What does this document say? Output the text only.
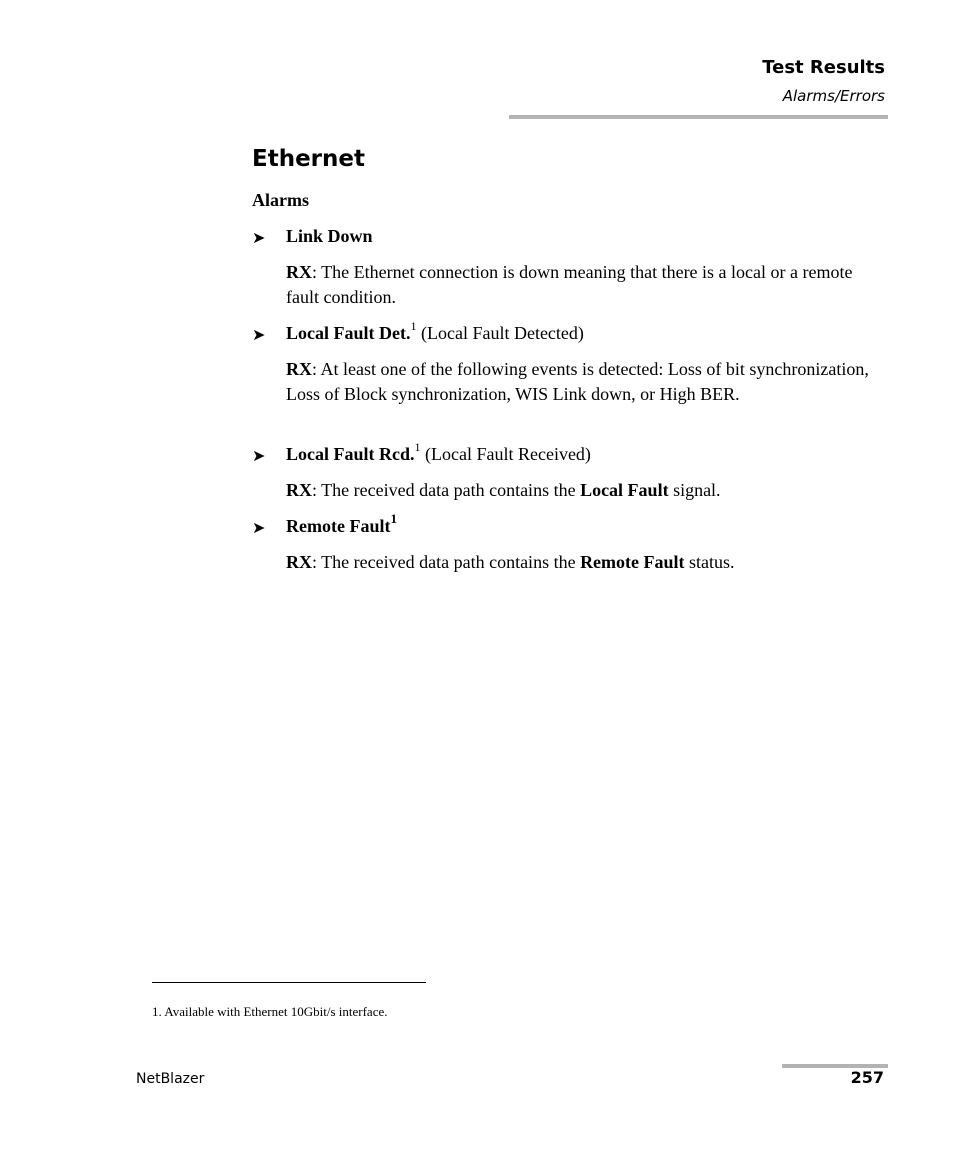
Test Results
Alarms/Errors
Ethernet
Alarms
➤ Link Down
RX: The Ethernet connection is down meaning that there is a local or a remote fault condition.
➤ Local Fault Det.$^1$ (Local Fault Detected)
RX: At least one of the following events is detected: Loss of bit synchronization, Loss of Block synchronization, WIS Link down, or High BER.
➤ Local Fault Rcd.$^1$ (Local Fault Received)
RX: The received data path contains the Local Fault signal.
➤ Remote Fault$^1$
RX: The received data path contains the Remote Fault status.
1. Available with Ethernet 10Gbit/s interface.
NetBlazer	257
